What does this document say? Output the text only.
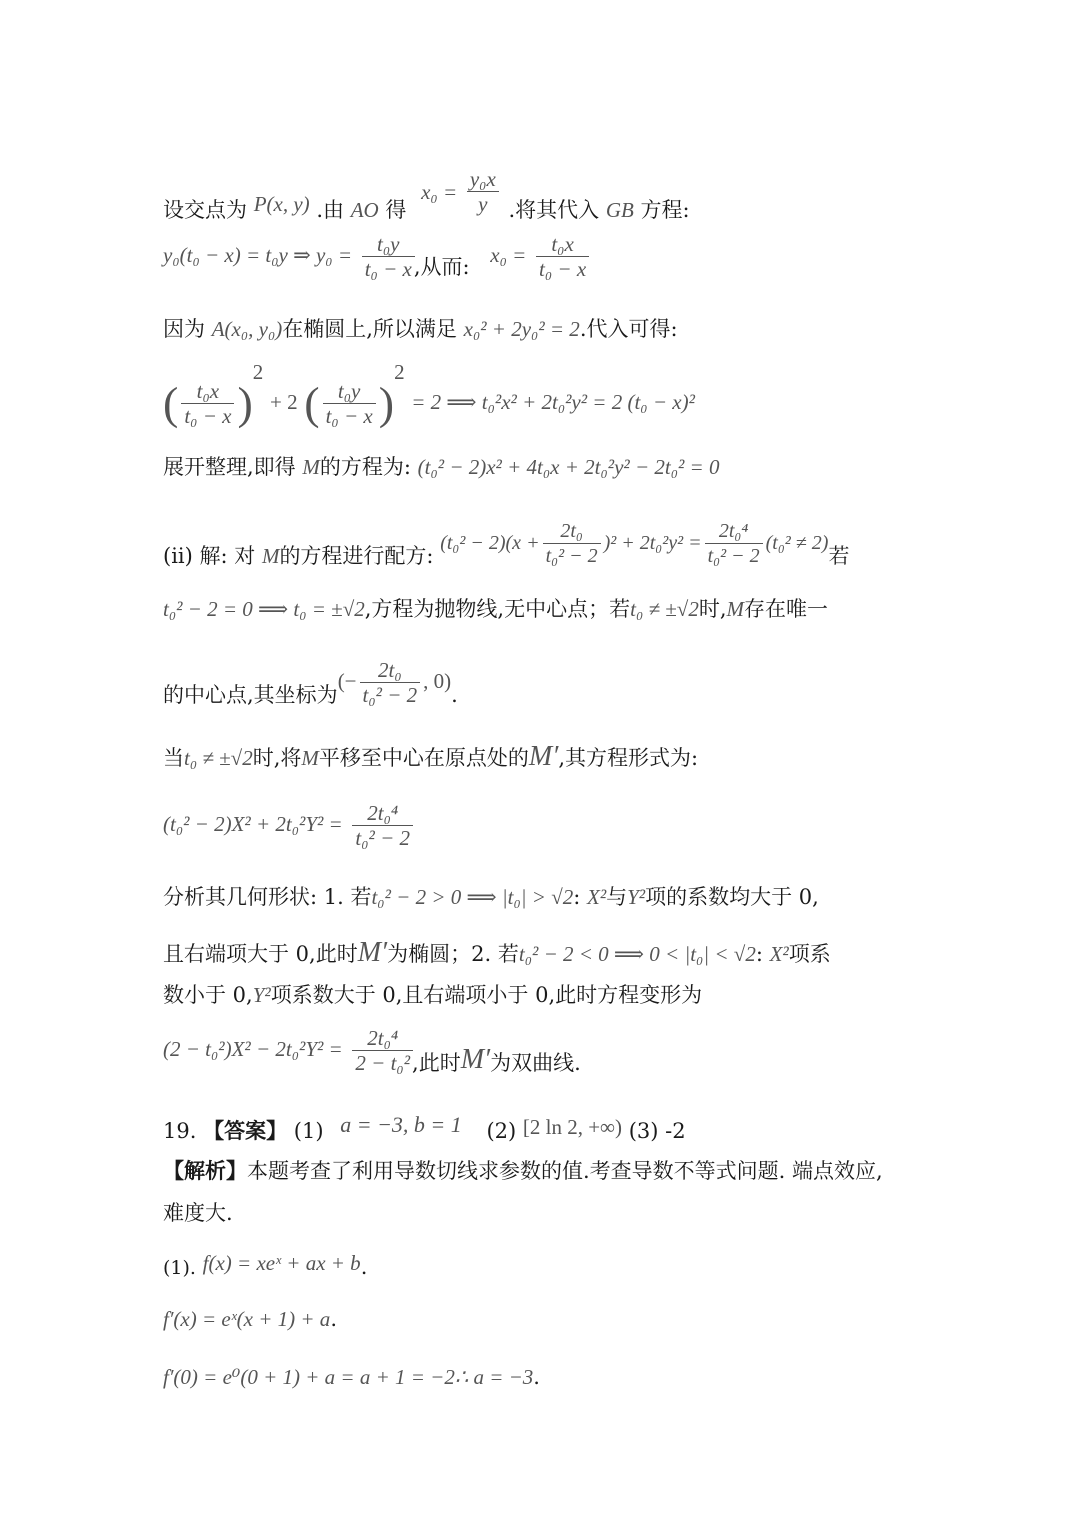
设交点为 P(x, y) .由 AO 得 $x_0 = \frac{\text{y₀x}}{y}$ .将其代入 GB 方程:
y₀(t₀ − x) = t₀y ⇒ $y_0 = \frac{\text{t₀y}}{\text{t₀ − x}}$ ,从而: $x_0 = \frac{\text{t₀x}}{\text{t₀ − x}}$
因为 A(x₀, y₀)在椭圆上,所以满足 x₀² + 2y₀² = 2.代入可得:
( $\frac{\text{t₀x}}{\text{t₀ − x}} )^2 + 2$ ( $\frac{\text{t₀y}}{\text{t₀ − x}} )^2 = 2$ ⟹ t₀²x² + 2t₀²y² = 2 (t₀ − x)²
展开整理,即得 M的方程为: (t₀² − 2)x² + 4t₀x + 2t₀²y² − 2t₀² = 0
(ii) 解: 对 M的方程进行配方: $(t_0^2 - 2)(x + \frac{\text{2t₀}}{\text{t₀² − 2}} )^2 + 2t_0^2y^2 = \frac{\text{2t₀⁴}}{\text{t₀² − 2}} (t_0^2 \ne 2)$若
t₀² − 2 = 0 ⟹ t₀ = ±√2,方程为抛物线,无中心点；若t₀ ≠ ±√2时,M存在唯一
的中心点,其坐标为(− $\frac{\text{2t₀}}{\text{t₀² − 2}}$ , 0).
当t₀ ≠ ±√2时,将M平移至中心在原点处的M′,其方程形式为:
$(t_0^2 - 2)X^2 + 2t_0^2Y^2 = \frac{\text{2t₀⁴}}{\text{t₀² − 2}}$
分析其几何形状: 1. 若t₀² − 2 > 0 ⟹ |t₀| > √2: X²与Y²项的系数均大于 0,
且右端项大于 0,此时M′为椭圆；2. 若t₀² − 2 < 0 ⟹ 0 < |t₀| < √2: X²项系
数小于 0,Y²项系数大于 0,且右端项小于 0,此时方程变形为
$(2 - t_0^2)X^2 - 2t_0^2Y^2 = \frac{\text{2t₀⁴}}{\text{2 − t₀²}}$ ,此时M′为双曲线.
19. 【答案】 (1) a = −3, b = 1 (2) [2 ln 2, +∞) (3) -2
【解析】本题考查了利用导数切线求参数的值.考查导数不等式问题. 端点效应,
难度大.
(1). f(x) = xeˣ + ax + b.
f′(x) = eˣ(x + 1) + a.
f′(0) = e⁰(0 + 1) + a = a + 1 = −2∴ a = −3.
